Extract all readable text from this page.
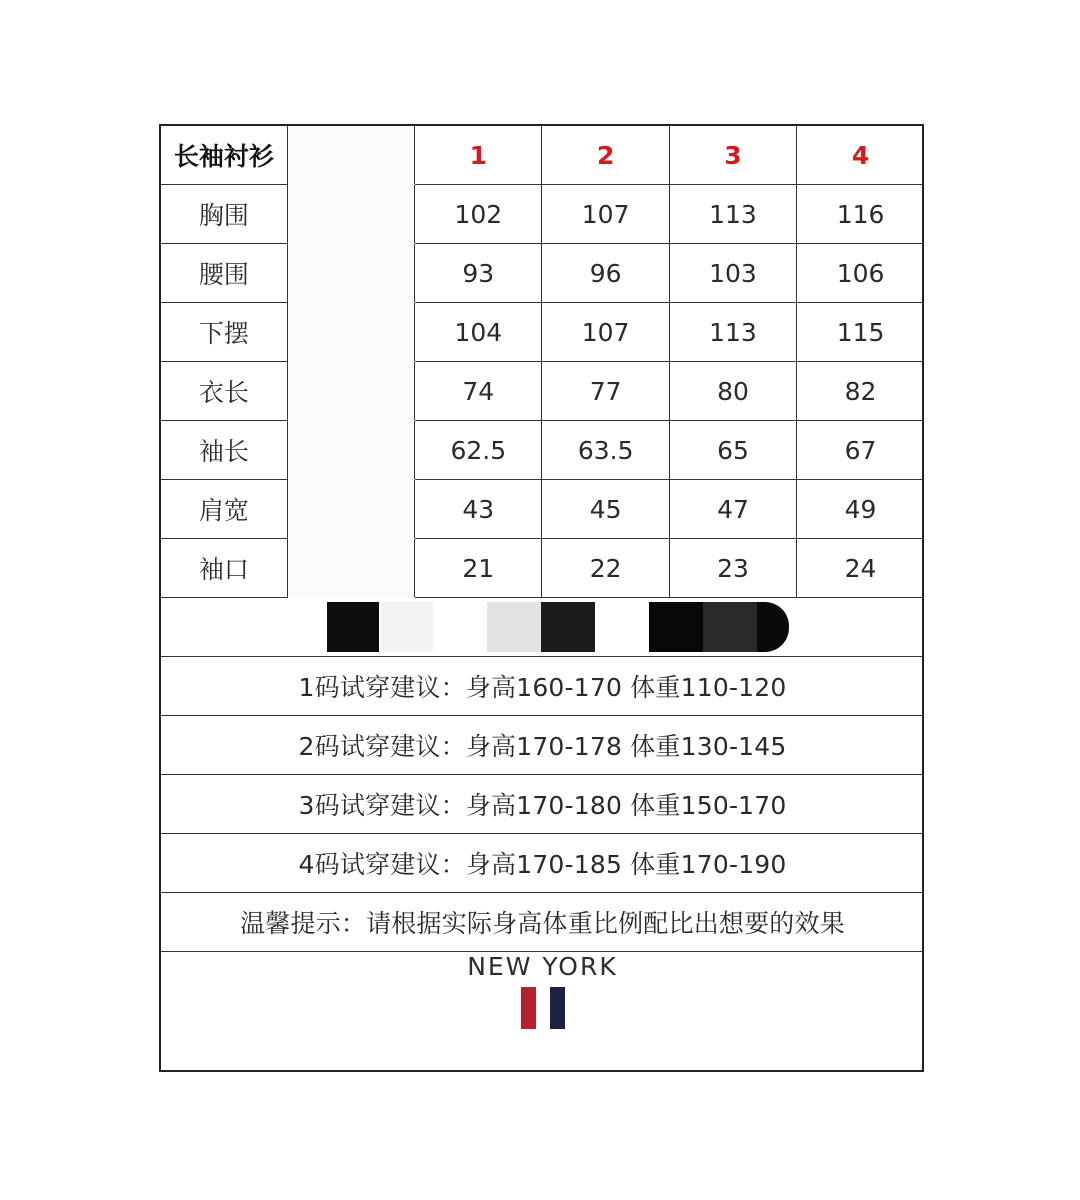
长袖衬衫		1	2	3	4
胸围		102	107	113	116
腰围		93	96	103	106
下摆		104	107	113	115
衣长		74	77	80	82
袖长		62.5	63.5	65	67
肩宽		43	45	47	49
袖口		21	22	23	24

1码试穿建议：身高160-170 体重110-120					
2码试穿建议：身高170-178 体重130-145					
3码试穿建议：身高170-180 体重150-170					
4码试穿建议：身高170-185 体重170-190					
温馨提示：请根据实际身高体重比例配比出想要的效果					

NEW YORK					
